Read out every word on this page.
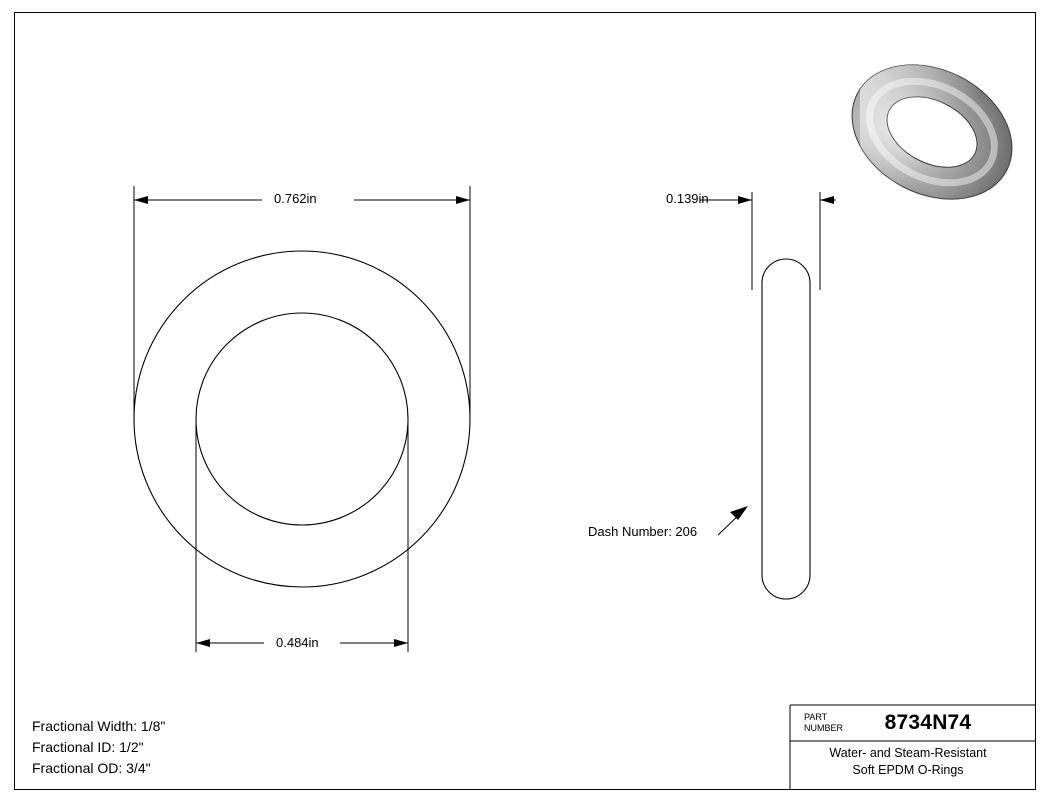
0.762in
0.484in
0.139in
Dash Number: 206
Fractional Width: 1/8"
Fractional ID: 1/2"
Fractional OD: 3/4"
PART
NUMBER	8734N74
Water- and Steam-Resistant
Soft EPDM O-Rings
